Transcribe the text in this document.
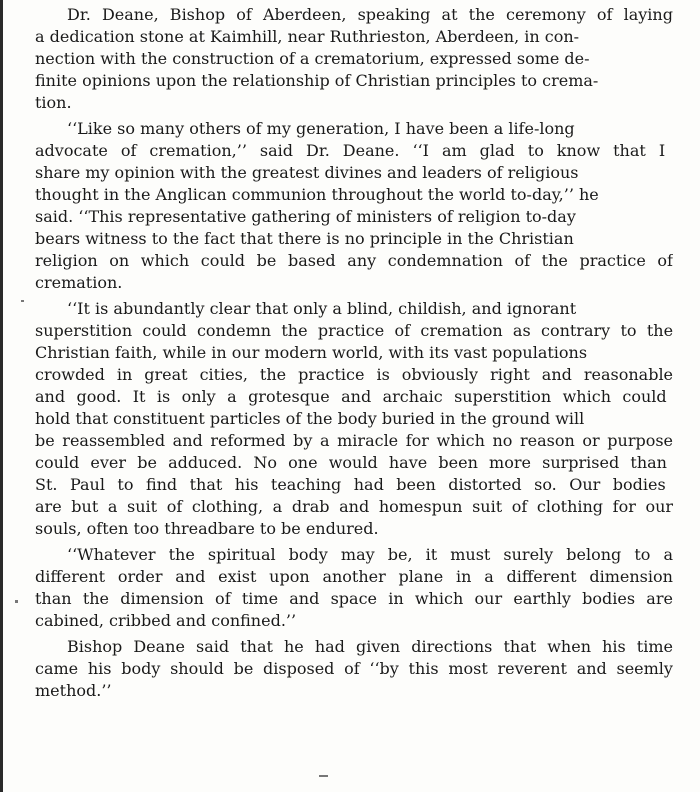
Dr. Deane, Bishop of Aberdeen, speaking at the ceremony of laying
a dedication stone at Kaimhill, near Ruthrieston, Aberdeen, in con-
nection with the construction of a crematorium, expressed some de-
finite opinions upon the relationship of Christian principles to crema-
tion.
‘‘Like so many others of my generation, I have been a life-long
advocate of cremation,’’ said Dr. Deane. ‘‘I am glad to know that I
share my opinion with the greatest divines and leaders of religious
thought in the Anglican communion throughout the world to-day,’’ he
said. ‘‘This representative gathering of ministers of religion to-day
bears witness to the fact that there is no principle in the Christian
religion on which could be based any condemnation of the practice of
cremation.
‘‘It is abundantly clear that only a blind, childish, and ignorant
superstition could condemn the practice of cremation as contrary to the
Christian faith, while in our modern world, with its vast populations
crowded in great cities, the practice is obviously right and reasonable
and good. It is only a grotesque and archaic superstition which could
hold that constituent particles of the body buried in the ground will
be reassembled and reformed by a miracle for which no reason or purpose
could ever be adduced. No one would have been more surprised than
St. Paul to find that his teaching had been distorted so. Our bodies
are but a suit of clothing, a drab and homespun suit of clothing for our
souls, often too threadbare to be endured.
‘‘Whatever the spiritual body may be, it must surely belong to a
different order and exist upon another plane in a different dimension
than the dimension of time and space in which our earthly bodies are
cabined, cribbed and confined.’’
Bishop Deane said that he had given directions that when his time
came his body should be disposed of ‘‘by this most reverent and seemly
method.’’
